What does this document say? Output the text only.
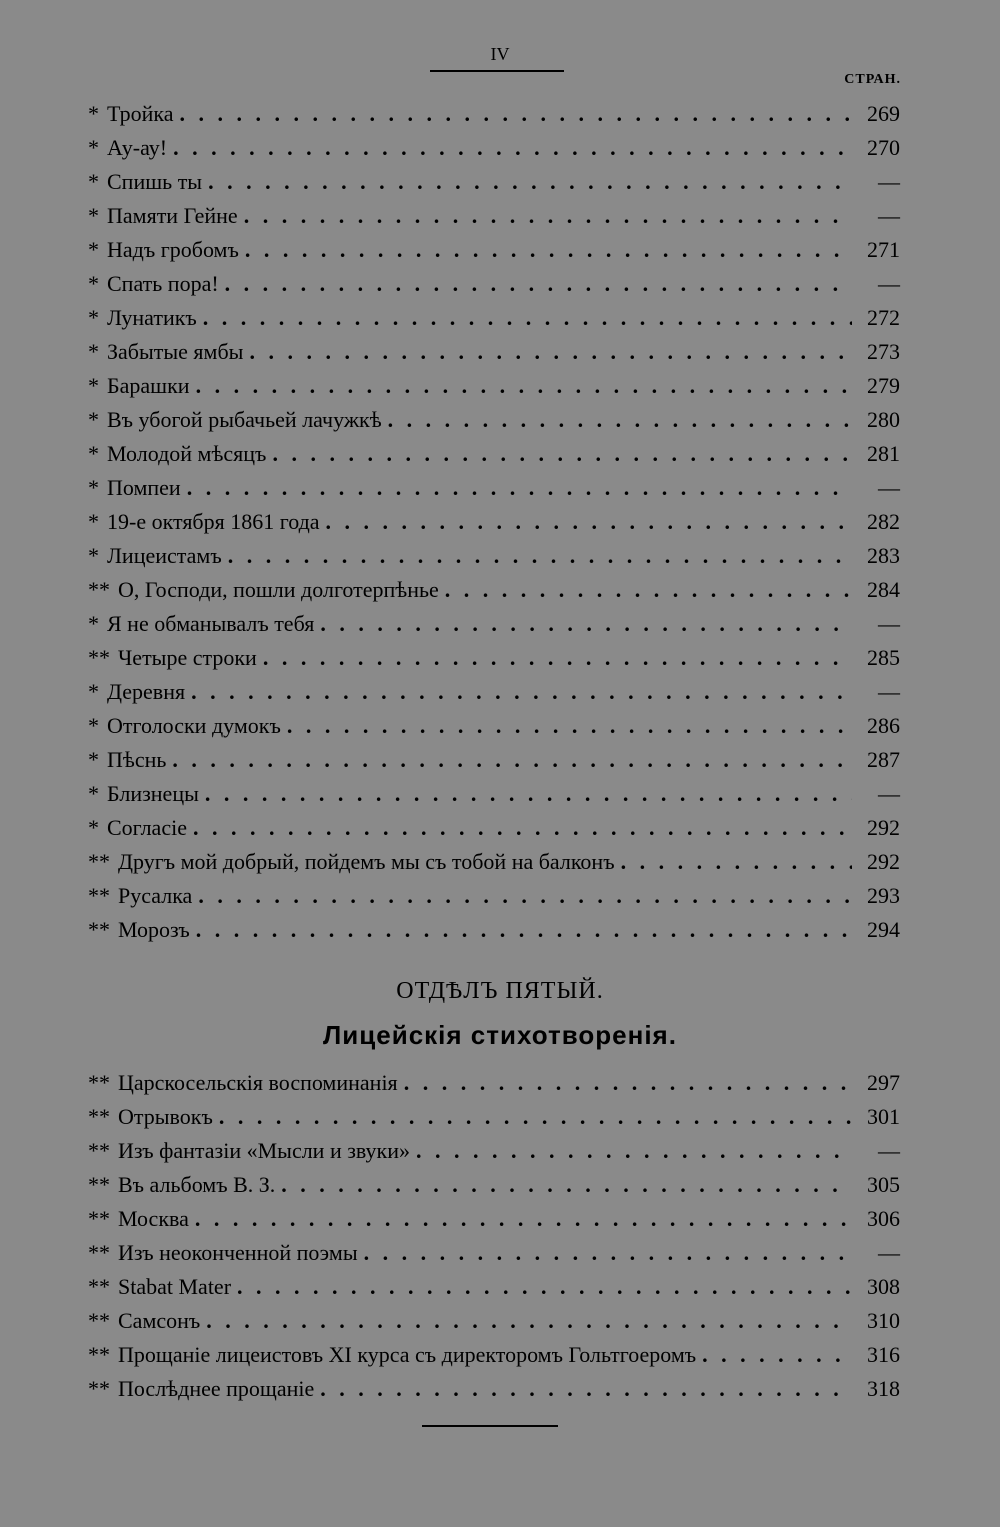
IV
СТРАН.
* Тройка . . .	269
* Ау-ау! . . .	270
* Спишь ты . . .	—
* Памяти Гейне . . .	—
* Надъ гробомъ . . .	271
* Спать пора! . . .	—
* Лунатикъ . . .	272
* Забытые ямбы . . .	273
* Барашки . . .	279
* Въ убогой рыбачьей лачужкѣ . . .	280
* Молодой мѣсяцъ . . .	281
* Помпеи . . .	—
* 19-е октября 1861 года . . .	282
* Лицеистамъ . . .	283
** О, Господи, пошли долготерпѣнье . . .	284
* Я не обманывалъ тебя . . .	—
** Четыре строки . . .	285
* Деревня . . .	—
* Отголоски думокъ . . .	286
* Пѣснь . . .	287
* Близнецы . . .	—
* Согласіе . . .	292
** Другъ мой добрый, пойдемъ мы съ тобой на балконъ . . .	292
** Русалка . . .	293
** Морозъ . . .	294
ОТДѢЛЪ ПЯТЫЙ.
Лицейскія стихотворенія.
** Царскосельскія воспоминанія . . .	297
** Отрывокъ . . .	301
** Изъ фантазіи «Мысли и звуки» . . .	—
** Въ альбомъ В. З. . . .	305
** Москва . . .	306
** Изъ неоконченной поэмы . . .	—
** Stabat Mater . . .	308
** Самсонъ . . .	310
** Прощаніе лицеистовъ XI курса съ директоромъ Гольтгоеромъ . . .	316
** Послѣднее прощаніе . . .	318
